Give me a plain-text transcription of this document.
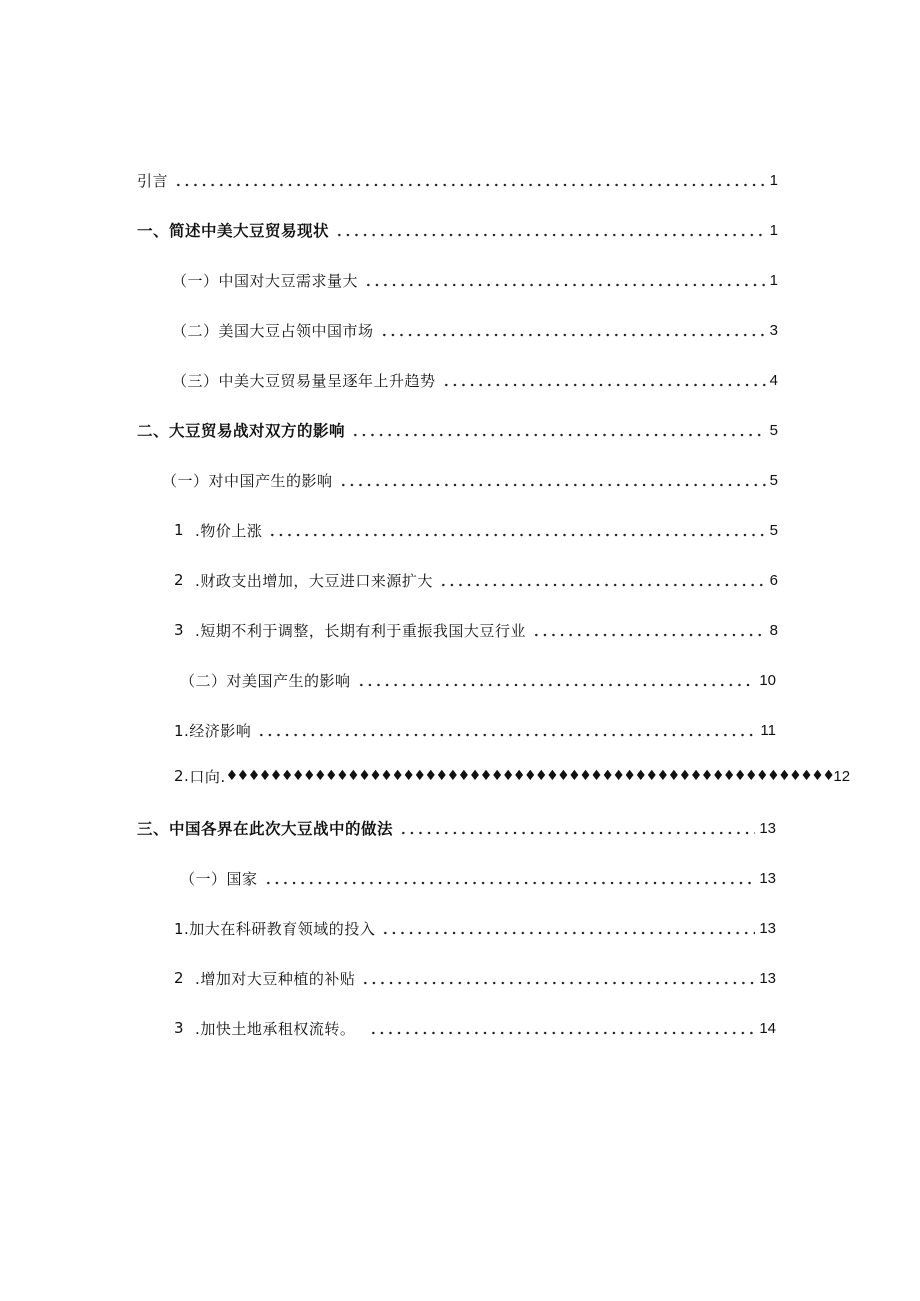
引言	1
一、简述中美大豆贸易现状	1
（一）中国对大豆需求量大	1
（二）美国大豆占领中国市场	3
（三）中美大豆贸易量呈逐年上升趋势	4
二、大豆贸易战对双方的影响	5
（一）对中国产生的影响	5
1 .物价上涨	5
2 .财政支出增加，大豆进口来源扩大	6
3 .短期不利于调整，长期有利于重振我国大豆行业	8
（二）对美国产生的影响	10
1.经济影响	11
2. 口向. ♦♦♦♦♦♦♦♦♦♦♦♦♦♦♦♦♦♦♦♦♦♦♦♦♦♦♦♦♦♦♦♦♦♦♦♦♦♦♦♦♦♦♦♦♦♦♦♦♦♦♦♦♦♦♦ 12
三、中国各界在此次大豆战中的做法	13
（一）国家	13
1.加大在科研教育领域的投入	13
2 .增加对大豆种植的补贴	13
3 .加快土地承租权流转。	14
